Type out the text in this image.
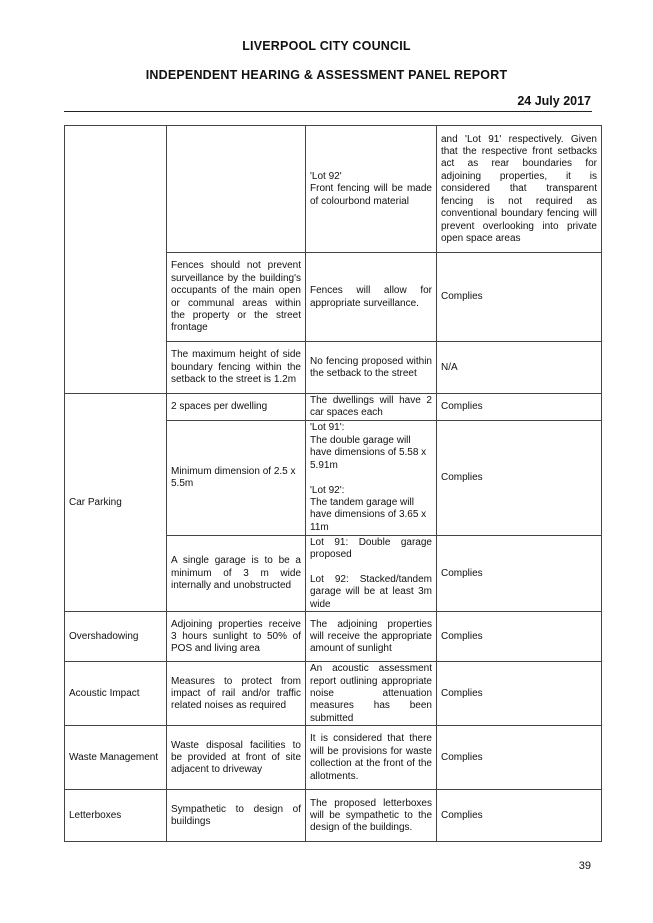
LIVERPOOL CITY COUNCIL
INDEPENDENT HEARING & ASSESSMENT PANEL REPORT
24 July 2017
		'Lot 92'
Front fencing will be made of colourbond material	and 'Lot 91' respectively. Given that the respective front setbacks act as rear boundaries for adjoining properties, it is considered that transparent fencing is not required as conventional boundary fencing will prevent overlooking into private open space areas
	Fences should not prevent surveillance by the building's occupants of the main open or communal areas within the property or the street frontage	Fences will allow for appropriate surveillance.	Complies
	The maximum height of side boundary fencing within the setback to the street is 1.2m	No fencing proposed within the setback to the street	N/A
Car Parking	2 spaces per dwelling	The dwellings will have 2 car spaces each	Complies
	Minimum dimension of 2.5 x 5.5m	'Lot 91':
The double garage will have dimensions of 5.58 x 5.91m

'Lot 92':
The tandem garage will have dimensions of 3.65 x 11m	Complies
	A single garage is to be a minimum of 3 m wide internally and unobstructed	Lot 91: Double garage proposed

Lot 92: Stacked/tandem garage will be at least 3m wide	Complies
Overshadowing	Adjoining properties receive 3 hours sunlight to 50% of POS and living area	The adjoining properties will receive the appropriate amount of sunlight	Complies
Acoustic Impact	Measures to protect from impact of rail and/or traffic related noises as required	An acoustic assessment report outlining appropriate noise attenuation measures has been submitted	Complies
Waste Management	Waste disposal facilities to be provided at front of site adjacent to driveway	It is considered that there will be provisions for waste collection at the front of the allotments.	Complies
Letterboxes	Sympathetic to design of buildings	The proposed letterboxes will be sympathetic to the design of the buildings.	Complies
39
